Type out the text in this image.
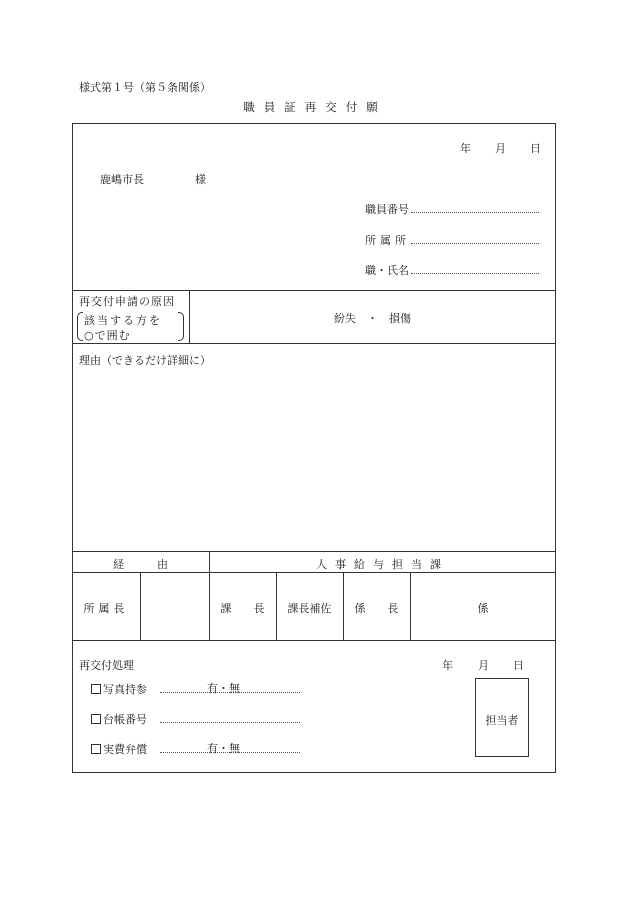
様式第１号（第５条関係）
職員証再交付願
年 月 日
鹿嶋市長	様
職員番号
所属所
職・氏名
再交付申請の原因
該当する方を
○で囲む
紛失　・　損傷
理由（できるだけ詳細に）
経　　　由	人事給与担当課
所属長	課　　長	課長補佐	係　　長	係
再交付処理	年 月 日
写真持参	有・無
台帳番号
実費弁償	有・無
担当者
